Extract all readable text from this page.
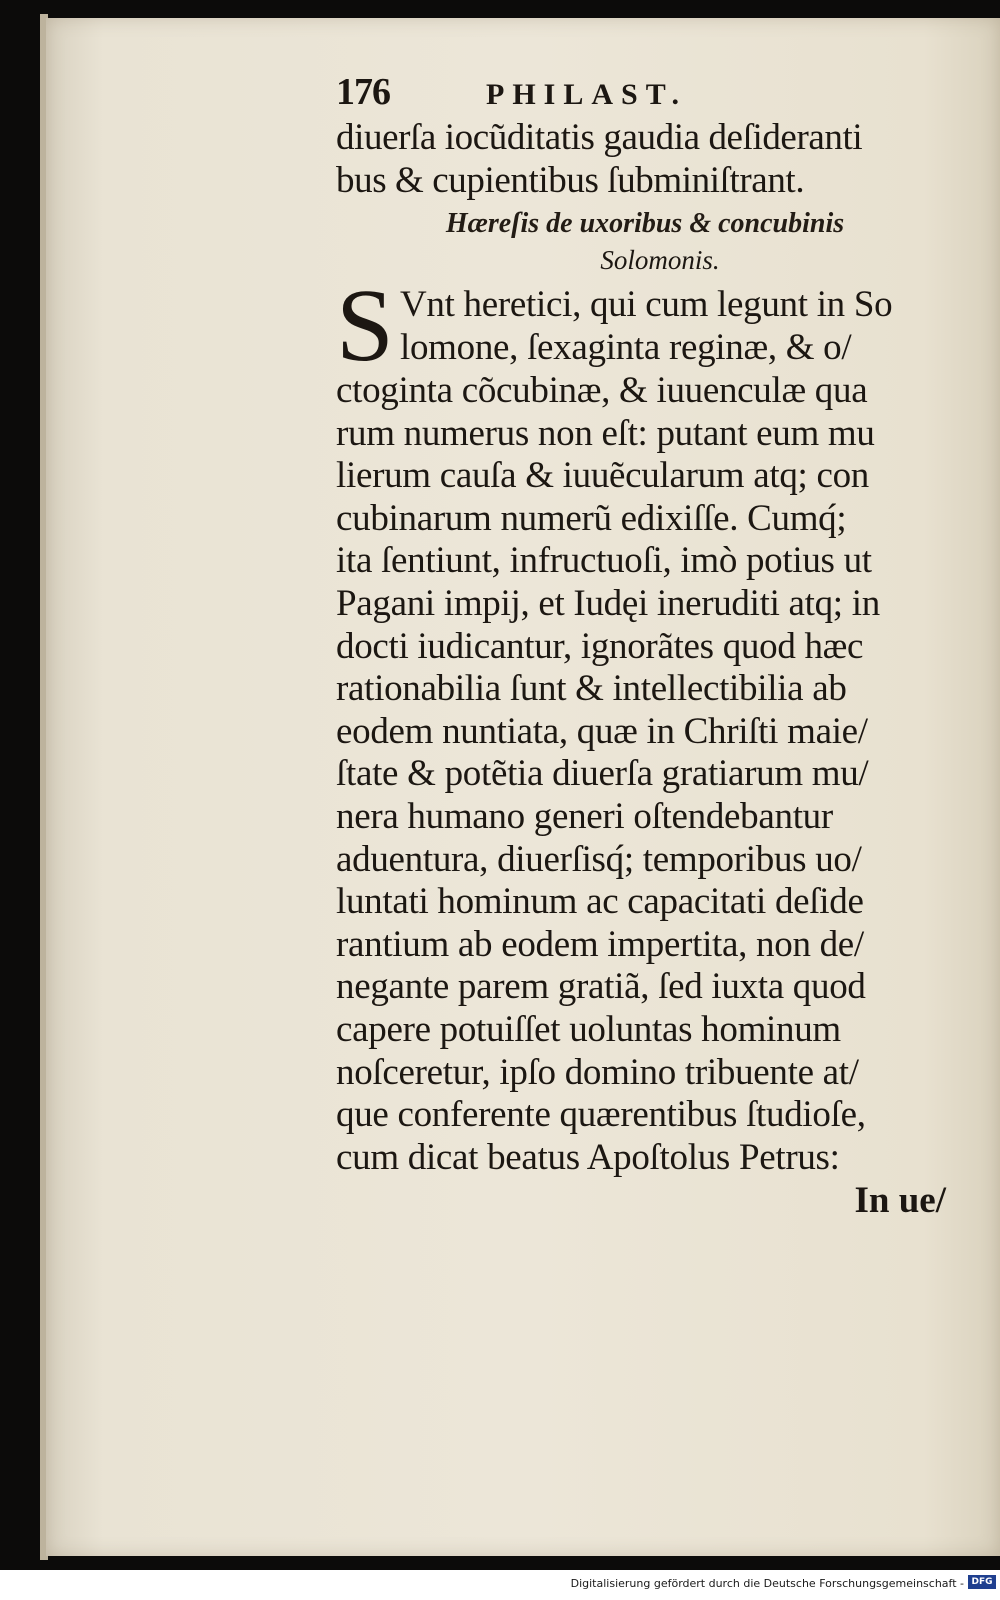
176	PHILAST.
diuerſa iocũditatis gaudia deſideranti
bus & cupientibus ſubminiſtrant.
Hæreſis de uxoribus & concubinis
Solomonis.
S Vnt heretici, qui cum legunt in So
lomone, ſexaginta reginæ, & o/
ctoginta cõcubinæ, & iuuenculæ qua
rum numerus non eſt: putant eum mu
lierum cauſa & iuuẽcularum atq; con
cubinarum numerũ edixiſſe. Cumq́;
ita ſentiunt, infructuoſi, imò potius ut
Pagani impij, et Iudęi ineruditi atq; in
docti iudicantur, ignorãtes quod hæc
rationabilia ſunt & intellectibilia ab
eodem nuntiata, quæ in Chriſti maie/
ſtate & potẽtia diuerſa gratiarum mu/
nera humano generi oſtendebantur
aduentura, diuerſisq́; temporibus uo/
luntati hominum ac capacitati deſide
rantium ab eodem impertita, non de/
negante parem gratiã, ſed iuxta quod
capere potuiſſet uoluntas hominum
noſceretur, ipſo domino tribuente at/
que conferente quærentibus ſtudioſe,
cum dicat beatus Apoſtolus Petrus:
In ue/
Digitalisierung gefördert durch die Deutsche Forschungsgemeinschaft - DFG
